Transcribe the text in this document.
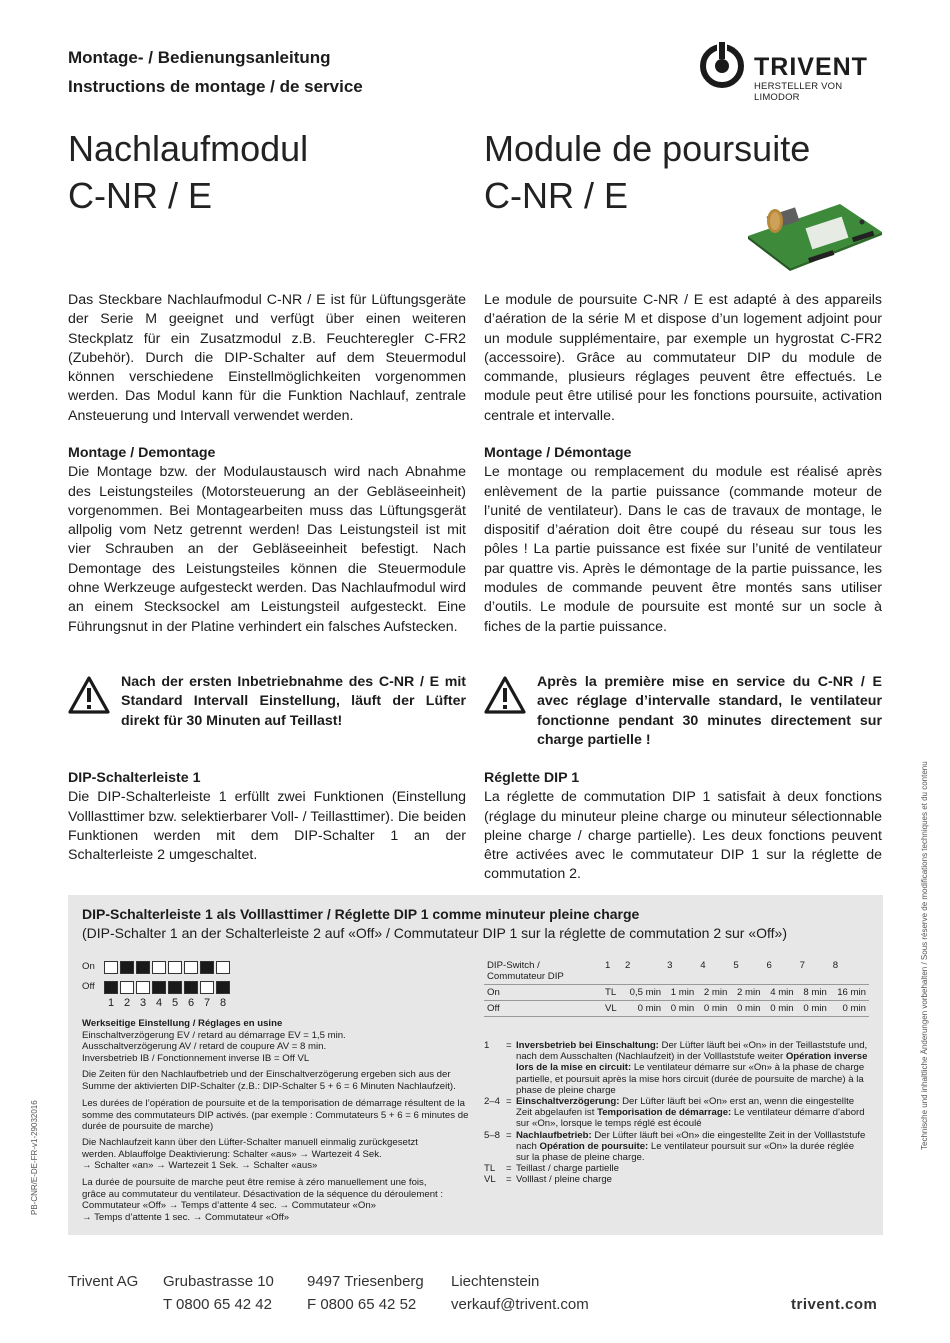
Montage- / Bedienungsanleitung
Instructions de montage / de service
TRIVENT
HERSTELLER VON LIMODOR
Nachlaufmodul
C-NR / E
Module de poursuite
C-NR / E
Das Steckbare Nachlaufmodul C-NR / E ist für Lüftungsgeräte der Serie M geeignet und verfügt über einen weiteren Steckplatz für ein Zusatzmodul z.B. Feuchteregler C-FR2 (Zubehör). Durch die DIP-Schalter auf dem Steuermodul können verschiedene Einstellmöglichkeiten vorgenommen werden. Das Modul kann für die Funktion Nachlauf, zentrale Ansteuerung und Intervall verwendet werden.
Montage / Demontage
Die Montage bzw. der Modulaustausch wird nach Abnahme des Leistungsteiles (Motorsteuerung an der Gebläseeinheit) vorgenommen. Bei Montagearbeiten muss das Lüftungsgerät allpolig vom Netz getrennt werden! Das Leistungsteil ist mit vier Schrauben an der Gebläseeinheit befestigt. Nach Demontage des Leistungsteiles können die Steuermodule ohne Werkzeuge aufgesteckt werden. Das Nachlaufmodul wird an einem Stecksockel am Leistungsteil aufgesteckt. Eine Führungsnut in der Platine verhindert ein falsches Aufstecken.
Le module de poursuite C-NR / E est adapté à des appareils d’aération de la série M et dispose d’un logement adjoint pour un module supplémentaire, par exemple un hygrostat C-FR2 (accessoire). Grâce au commutateur DIP du module de commande, plusieurs réglages peuvent être effectués. Le module peut être utilisé pour les fonctions poursuite, activation centrale et intervalle.
Montage / Démontage
Le montage ou remplacement du module est réalisé après enlèvement de la partie puissance (commande moteur de l’unité de ventilateur). Dans le cas de travaux de montage, le dispositif d’aération doit être coupé du réseau sur tous les pôles ! La partie puissance est fixée sur l’unité de ventilateur par quattre vis. Après le démontage de la partie puissance, les modules de commande peuvent être montés sans utiliser d’outils. Le module de poursuite est monté sur un socle à fiches de la partie puissance.
Nach der ersten Inbetriebnahme des C-NR / E mit Standard Intervall Einstellung, läuft der Lüfter direkt für 30 Minuten auf Teillast!
Après la première mise en service du C-NR / E avec réglage d’intervalle standard, le ventilateur fonctionne pendant 30 minutes directement sur charge partielle !
DIP-Schalterleiste 1
Die DIP-Schalterleiste 1 erfüllt zwei Funktionen (Einstellung Volllasttimer bzw. selektierbarer Voll- / Teillasttimer). Die beiden Funktionen werden mit dem DIP-Schalter 1 an der Schalterleiste 2 umgeschaltet.
Réglette DIP 1
La réglette de commutation DIP 1 satisfait à deux fonctions (réglage du minuteur pleine charge ou minuteur sélectionnable pleine charge / charge partielle). Les deux fonctions peuvent être activées avec le commutateur DIP 1 sur la réglette de commutation 2.
DIP-Schalterleiste 1 als Volllasttimer / Réglette DIP 1 comme minuteur pleine charge
(DIP-Schalter 1 an der Schalterleiste 2 auf «Off» / Commutateur DIP 1 sur la réglette de commutation 2 sur «Off»)
On
Off
1 2 3 4 5 6 7 8
Werkseitige Einstellung / Réglages en usine
Einschaltverzögerung EV / retard au démarrage EV = 1,5 min.
Ausschaltverzögerung AV / retard de coupure AV = 8 min.
Inversbetrieb IB / Fonctionnement inverse IB = Off VL
Die Zeiten für den Nachlaufbetrieb und der Einschaltverzögerung ergeben sich aus der Summe der aktivierten DIP-Schalter (z.B.: DIP-Schalter 5 + 6 = 6 Minuten Nachlaufzeit).
Les durées de l’opération de poursuite et de la temporisation de démarrage résultent de la somme des commutateurs DIP activés. (par exemple : Commutateurs 5 + 6 = 6 minutes de durée de poursuite de marche)
Die Nachlaufzeit kann über den Lüfter-Schalter manuell einmalig zurückgesetzt
werden. Ablauffolge Deaktivierung: Schalter «aus» → Wartezeit 4 Sek.
→ Schalter «an» → Wartezeit 1 Sek. → Schalter «aus»
La durée de poursuite de marche peut être remise à zéro manuellement une fois,
grâce au commutateur du ventilateur. Désactivation de la séquence du déroulement :
Commutateur «Off» → Temps d’attente 4 sec. → Commutateur «On»
→ Temps d’attente 1 sec. → Commutateur «Off»
DIP-Switch / Commutateur DIP	1	2	3	4	5	6	7	8
On	TL	0,5 min	1 min	2 min	2 min	4 min	8 min	16 min
Off	VL	0 min	0 min	0 min	0 min	0 min	0 min	0 min
1	= Inversbetrieb bei Einschaltung: Der Lüfter läuft bei «On» in der Teillaststufe und, nach dem Ausschalten (Nachlaufzeit) in der Volllaststufe weiter Opération inverse lors de la mise en circuit: Le ventilateur démarre sur «On» à la phase de charge partielle, et poursuit après la mise hors circuit (durée de poursuite de marche) à la phase de pleine charge
2–4 = Einschaltverzögerung: Der Lüfter läuft bei «On» erst an, wenn die eingestellte Zeit abgelaufen ist Temporisation de démarrage: Le ventilateur démarre d’abord sur «On», lorsque le temps réglé est écoulé
5–8 = Nachlaufbetrieb: Der Lüfter läuft bei «On» die eingestellte Zeit in der Volllaststufe nach Opération de poursuite: Le ventilateur poursuit sur «On» la durée réglée sur la phase de pleine charge.
TL	= Teillast / charge partielle
VL	= Volllast / pleine charge
Technische und inhaltliche Änderungen vorbehalten / Sous réserve de modifications techniques et du contenu
PB-CNR/E-DE-FR-v1-29032016
Trivent AG Grubastrasse 10 9497 Triesenberg Liechtenstein
T 0800 65 42 42 F 0800 65 42 52 verkauf@trivent.com	trivent.com
